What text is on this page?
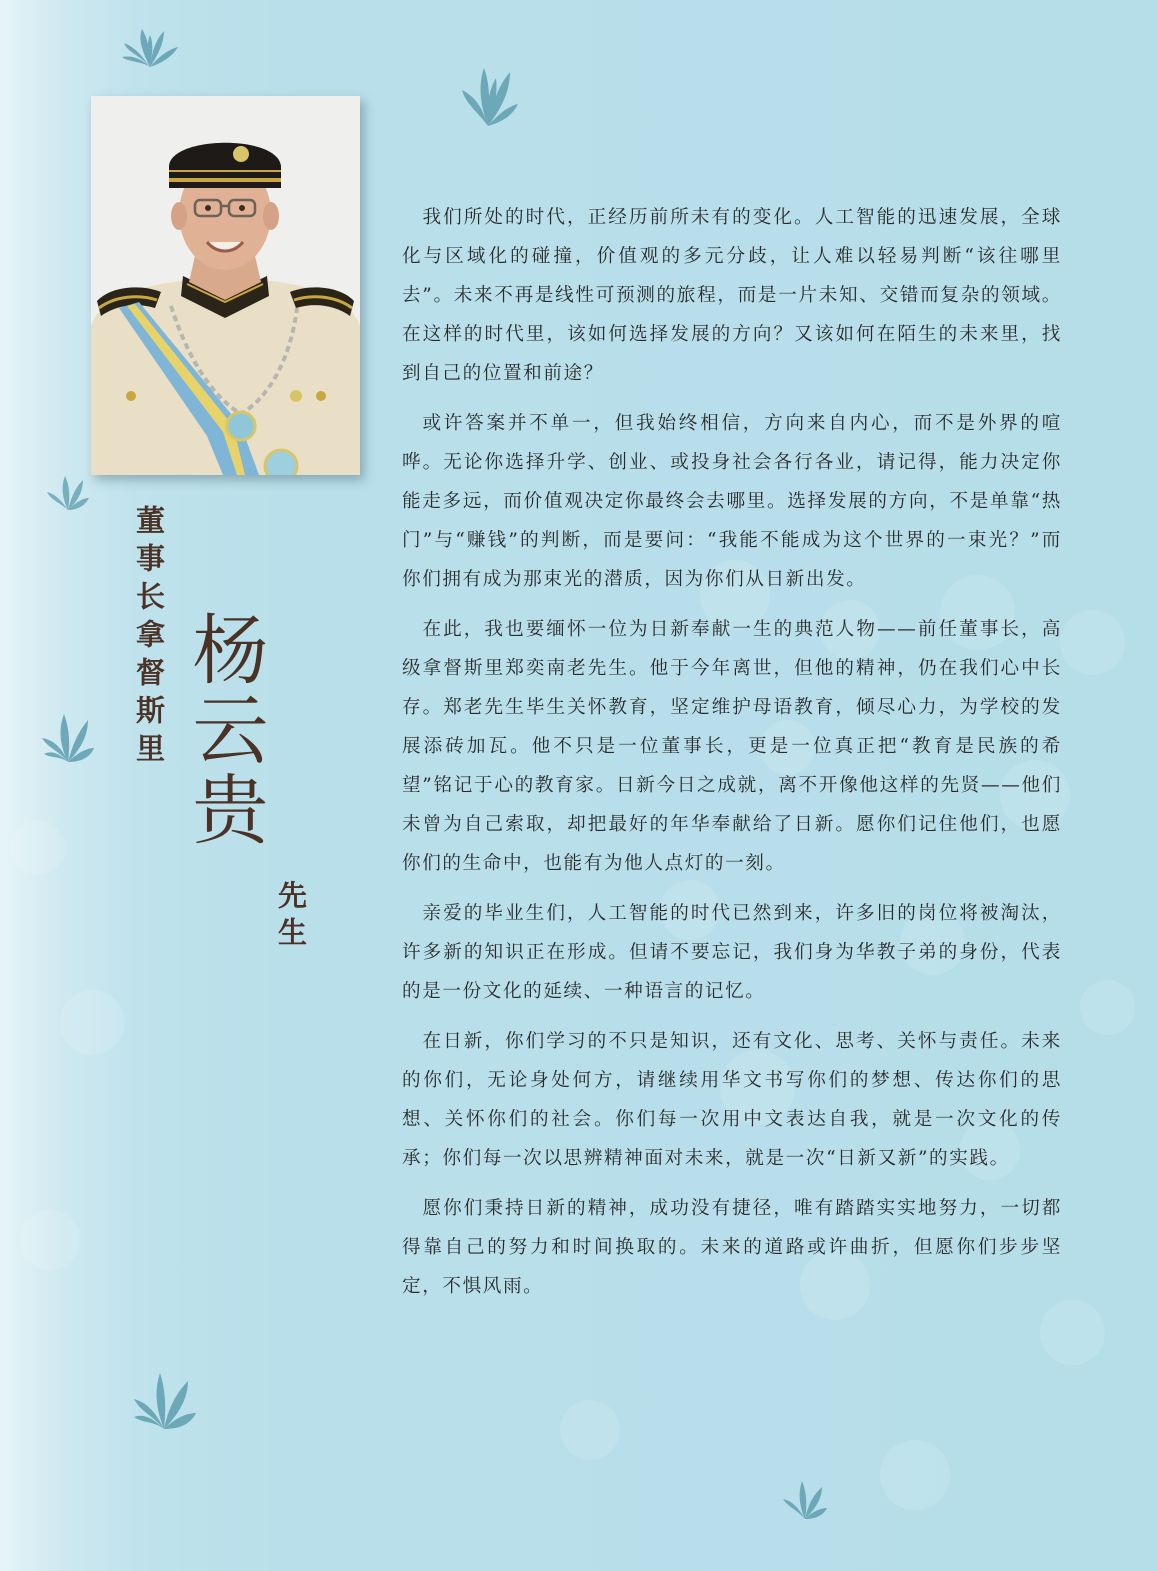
董事长拿督斯里 杨云贵
先生

我们所处的时代，正经历前所未有的变化。人工智能的迅速发展，全球化与区域化的碰撞，价值观的多元分歧，让人难以轻易判断“该往哪里去”。未来不再是线性可预测的旅程，而是一片未知、交错而复杂的领域。在这样的时代里，该如何选择发展的方向？又该如何在陌生的未来里，找到自己的位置和前途？

或许答案并不单一，但我始终相信，方向来自内心，而不是外界的喧哗。无论你选择升学、创业、或投身社会各行各业，请记得，能力决定你能走多远，而价值观决定你最终会去哪里。选择发展的方向，不是单靠“热门”与“赚钱”的判断，而是要问：“我能不能成为这个世界的一束光？”而你们拥有成为那束光的潜质，因为你们从日新出发。

在此，我也要缅怀一位为日新奉献一生的典范人物——前任董事长，高级拿督斯里郑奕南老先生。他于今年离世，但他的精神，仍在我们心中长存。郑老先生毕生关怀教育，坚定维护母语教育，倾尽心力，为学校的发展添砖加瓦。他不只是一位董事长，更是一位真正把“教育是民族的希望”铭记于心的教育家。日新今日之成就，离不开像他这样的先贤——他们未曾为自己索取，却把最好的年华奉献给了日新。愿你们记住他们，也愿你们的生命中，也能有为他人点灯的一刻。

亲爱的毕业生们，人工智能的时代已然到来，许多旧的岗位将被淘汰，许多新的知识正在形成。但请不要忘记，我们身为华教子弟的身份，代表的是一份文化的延续、一种语言的记忆。

在日新，你们学习的不只是知识，还有文化、思考、关怀与责任。未来的你们，无论身处何方，请继续用华文书写你们的梦想、传达你们的思想、关怀你们的社会。你们每一次用中文表达自我，就是一次文化的传承；你们每一次以思辨精神面对未来，就是一次“日新又新”的实践。

愿你们秉持日新的精神，成功没有捷径，唯有踏踏实实地努力，一切都得靠自己的努力和时间换取的。未来的道路或许曲折，但愿你们步步坚定，不惧风雨。
